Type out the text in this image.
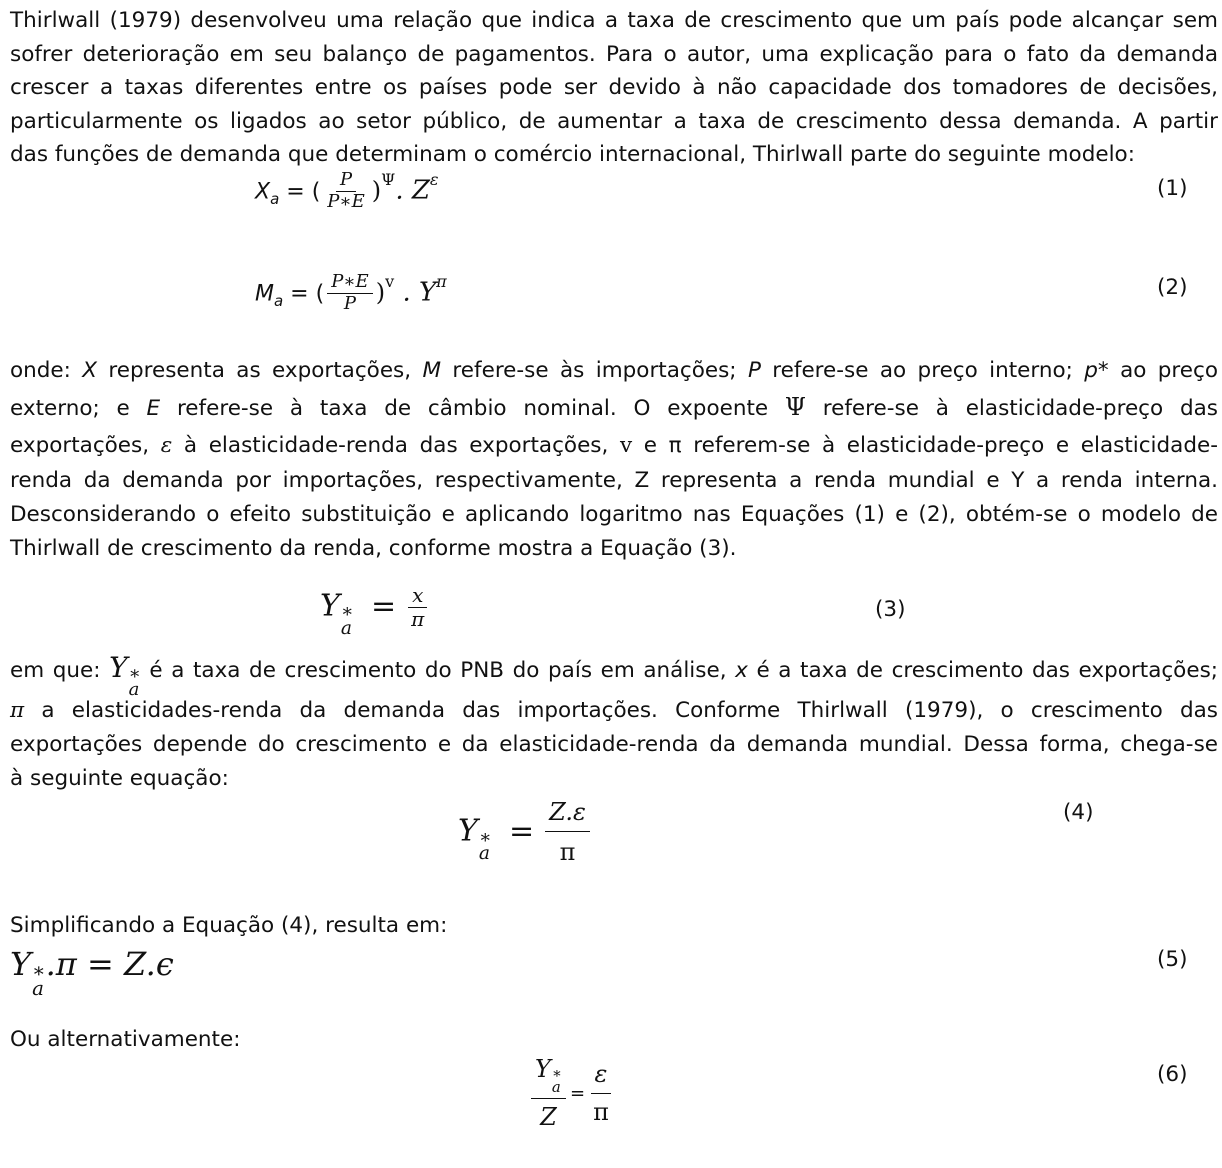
Thirlwall (1979) desenvolveu uma relação que indica a taxa de crescimento que um país pode alcançar sem
sofrer deterioração em seu balanço de pagamentos. Para o autor, uma explicação para o fato da demanda
crescer a taxas diferentes entre os países pode ser devido à não capacidade dos tomadores de decisões,
particularmente os ligados ao setor público, de aumentar a taxa de crescimento dessa demanda. A partir
das funções de demanda que determinam o comércio internacional, Thirlwall parte do seguinte modelo:
$X_a$ = ( $\frac{P}{P∗E} )^\Psi$. $Z^\varepsilon$	(1)
$M_a$ = ( $\frac{P∗E}{P} )^v$ . $Y^\pi$	(2)
onde: X representa as exportações, M refere-se às importações; P refere-se ao preço interno; p* ao preço
externo; e E refere-se à taxa de câmbio nominal. O expoente Ψ refere-se à elasticidade-preço das
exportações, ε à elasticidade-renda das exportações, v e π referem-se à elasticidade-preço e elasticidade-
renda da demanda por importações, respectivamente, Z representa a renda mundial e Y a renda interna.
Desconsiderando o efeito substituição e aplicando logaritmo nas Equações (1) e (2), obtém-se o modelo de
Thirlwall de crescimento da renda, conforme mostra a Equação (3).
Y ∗
a
= $\frac{x}{\pi}$	(3)
em que: Y ∗
a
é a taxa de crescimento do PNB do país em análise, x é a taxa de crescimento das exportações;
π a elasticidades-renda da demanda das importações. Conforme Thirlwall (1979), o crescimento das
exportações depende do crescimento e da elasticidade-renda da demanda mundial. Dessa forma, chega-se
à seguinte equação:
Y ∗
a
= $\frac{Z.\varepsilon}{\pi}$	(4)
Simplificando a Equação (4), resulta em:
Y ∗
a
.π = Z.ϵ	(5)
Ou alternativamente:
Y ∗
a
$Z = \frac{\varepsilon}{\pi}$	(6)
